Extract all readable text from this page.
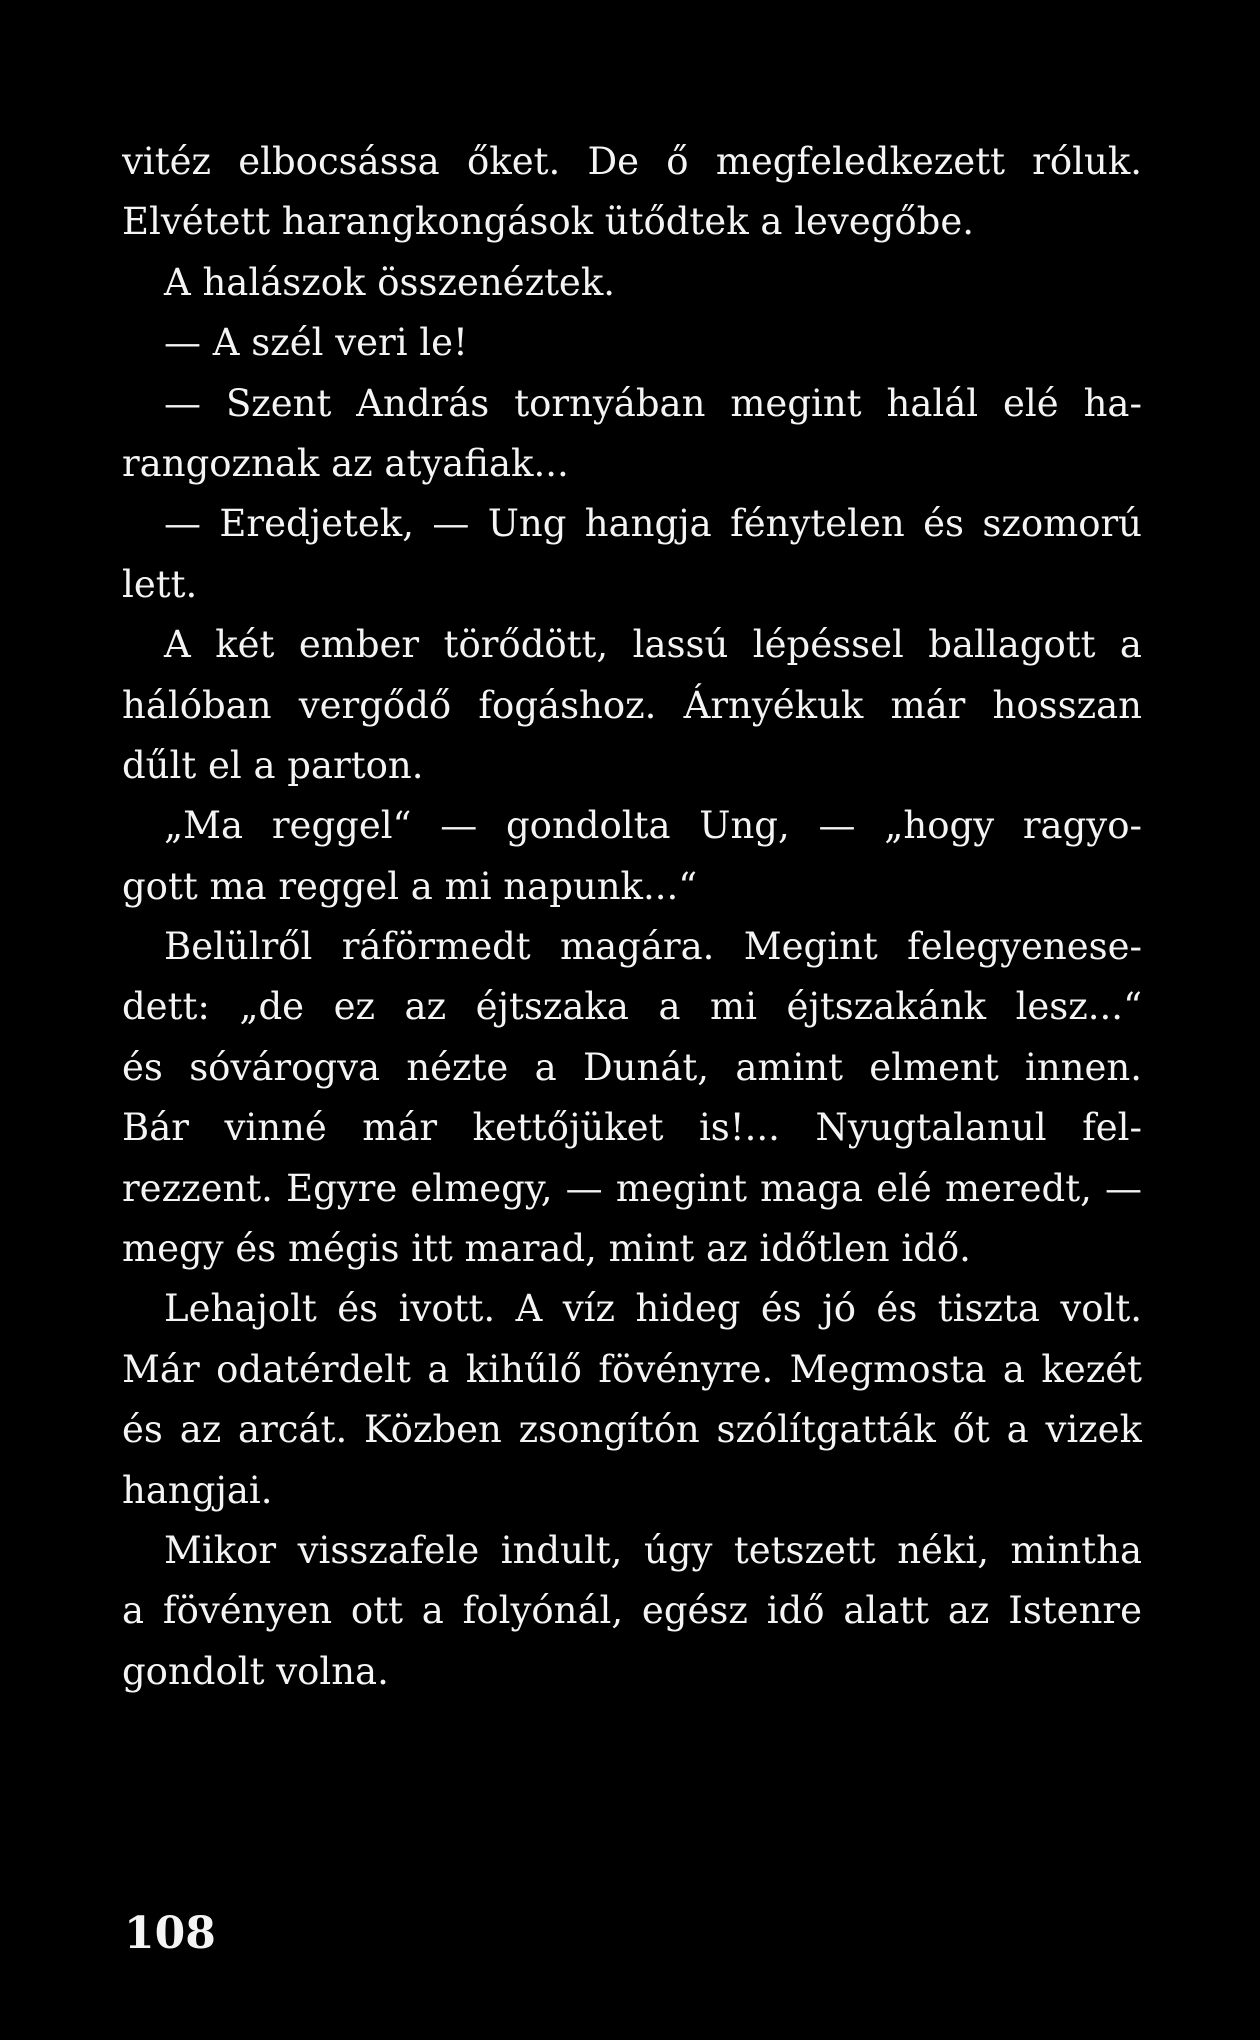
vitéz elbocsássa őket. De ő megfeledkezett róluk.
Elvétett harangkongások ütődtek a levegőbe.
A halászok összenéztek.
— A szél veri le!
— Szent András tornyában megint halál elé ha-
rangoznak az atyafiak...
— Eredjetek, — Ung hangja fénytelen és szomorú
lett.
A két ember törődött, lassú lépéssel ballagott a
hálóban vergődő fogáshoz. Árnyékuk már hosszan
dűlt el a parton.
„Ma reggel“ — gondolta Ung, — „hogy ragyo-
gott ma reggel a mi napunk...“
Belülről ráförmedt magára. Megint felegyenese-
dett: „de ez az éjtszaka a mi éjtszakánk lesz...“
és sóvárogva nézte a Dunát, amint elment innen.
Bár vinné már kettőjüket is!... Nyugtalanul fel-
rezzent. Egyre elmegy, — megint maga elé meredt, —
megy és mégis itt marad, mint az időtlen idő.
Lehajolt és ivott. A víz hideg és jó és tiszta volt.
Már odatérdelt a kihűlő fövényre. Megmosta a kezét
és az arcát. Közben zsongítón szólítgatták őt a vizek
hangjai.
Mikor visszafele indult, úgy tetszett néki, mintha
a fövényen ott a folyónál, egész idő alatt az Istenre
gondolt volna.
108
